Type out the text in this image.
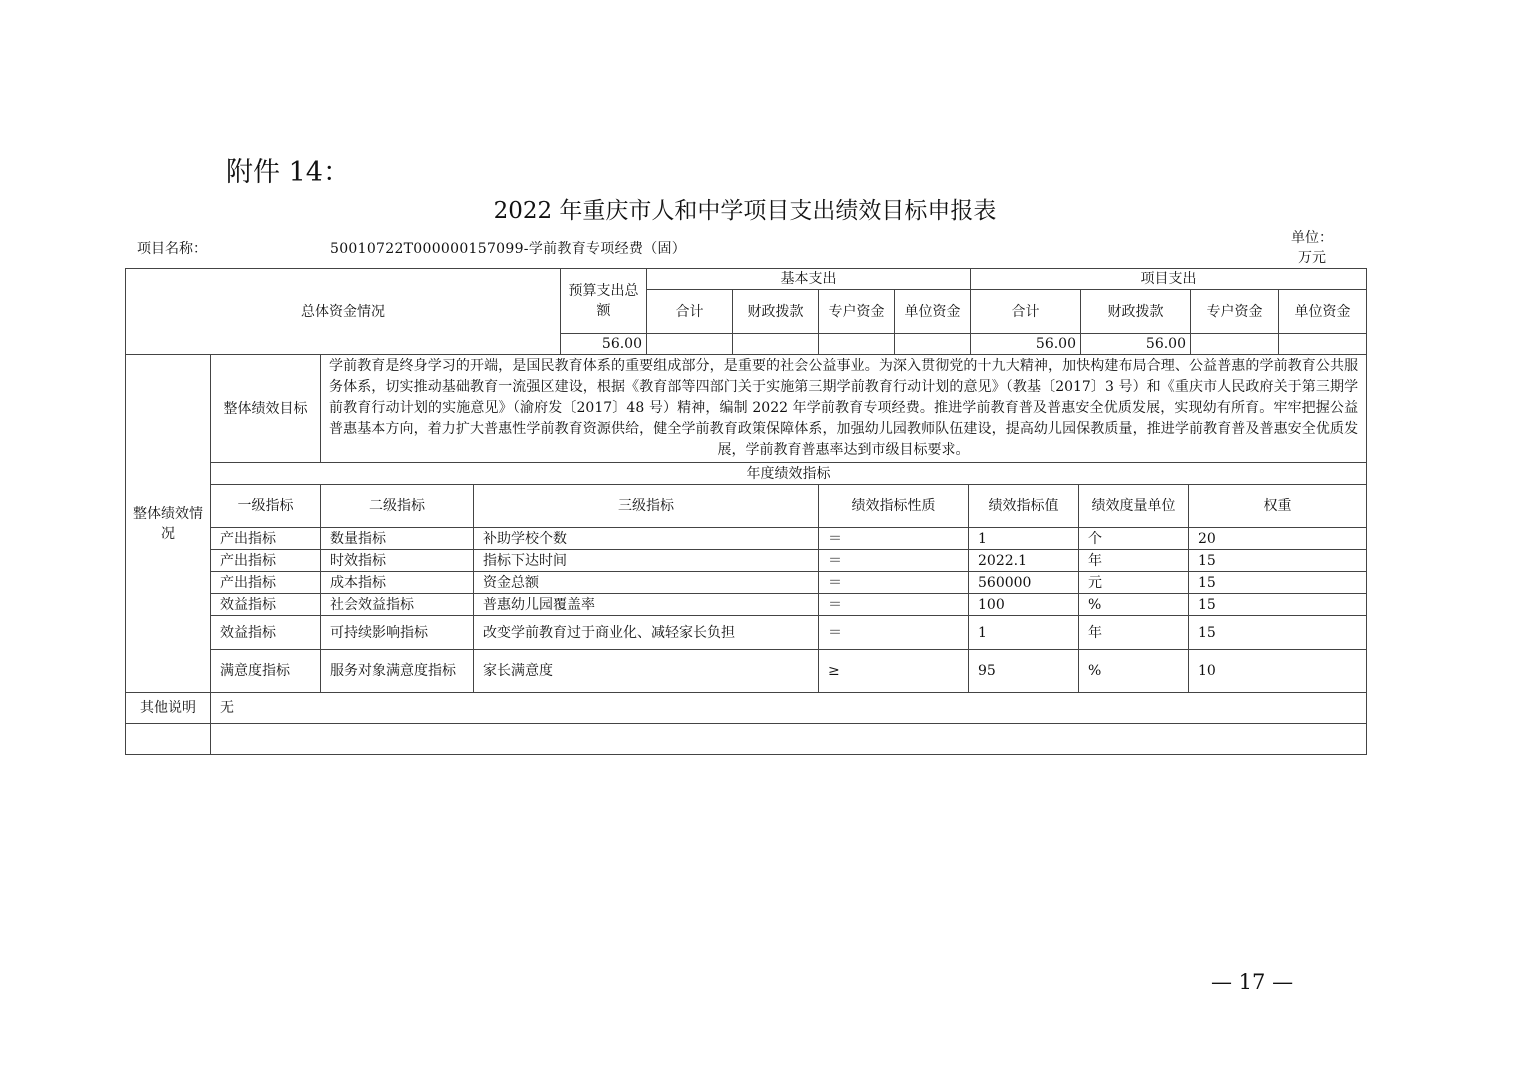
附件 14：
2022 年重庆市人和中学项目支出绩效目标申报表
项目名称：	50010722T000000157099-学前教育专项经费（固）
单位：
万元
总体资金情况	预算支出总额	基本支出				项目支出			
		合计	财政拨款	专户资金	单位资金	合计	财政拨款	专户资金	单位资金
	56.00					56.00	56.00		
整体绩效情况	整体绩效目标	学前教育是终身学习的开端，是国民教育体系的重要组成部分，是重要的社会公益事业。为深入贯彻党的十九大精神，加快构建布局合理、公益普惠的学前教育公共服务体系，切实推动基础教育一流强区建设，根据《教育部等四部门关于实施第三期学前教育行动计划的意见》（教基〔2017〕3 号）和《重庆市人民政府关于第三期学前教育行动计划的实施意见》（渝府发〔2017〕48 号）精神，编制 2022 年学前教育专项经费。推进学前教育普及普惠安全优质发展，实现幼有所育。牢牢把握公益普惠基本方向，着力扩大普惠性学前教育资源供给，健全学前教育政策保障体系，加强幼儿园教师队伍建设，提高幼儿园保教质量，推进学前教育普及普惠安全优质发展，学前教育普惠率达到市级目标要求。					
	年度绩效指标						
	一级指标	二级指标	三级指标	绩效指标性质	绩效指标值	绩效度量单位	权重
	产出指标	数量指标	补助学校个数	＝	1	个	20
	产出指标	时效指标	指标下达时间	＝	2022.1	年	15
	产出指标	成本指标	资金总额	＝	560000	元	15
	效益指标	社会效益指标	普惠幼儿园覆盖率	＝	100	%	15
	效益指标	可持续影响指标	改变学前教育过于商业化、减轻家长负担	＝	1	年	15
	满意度指标	服务对象满意度指标	家长满意度	≥	95	%	10
其他说明	无						

— 17 —
